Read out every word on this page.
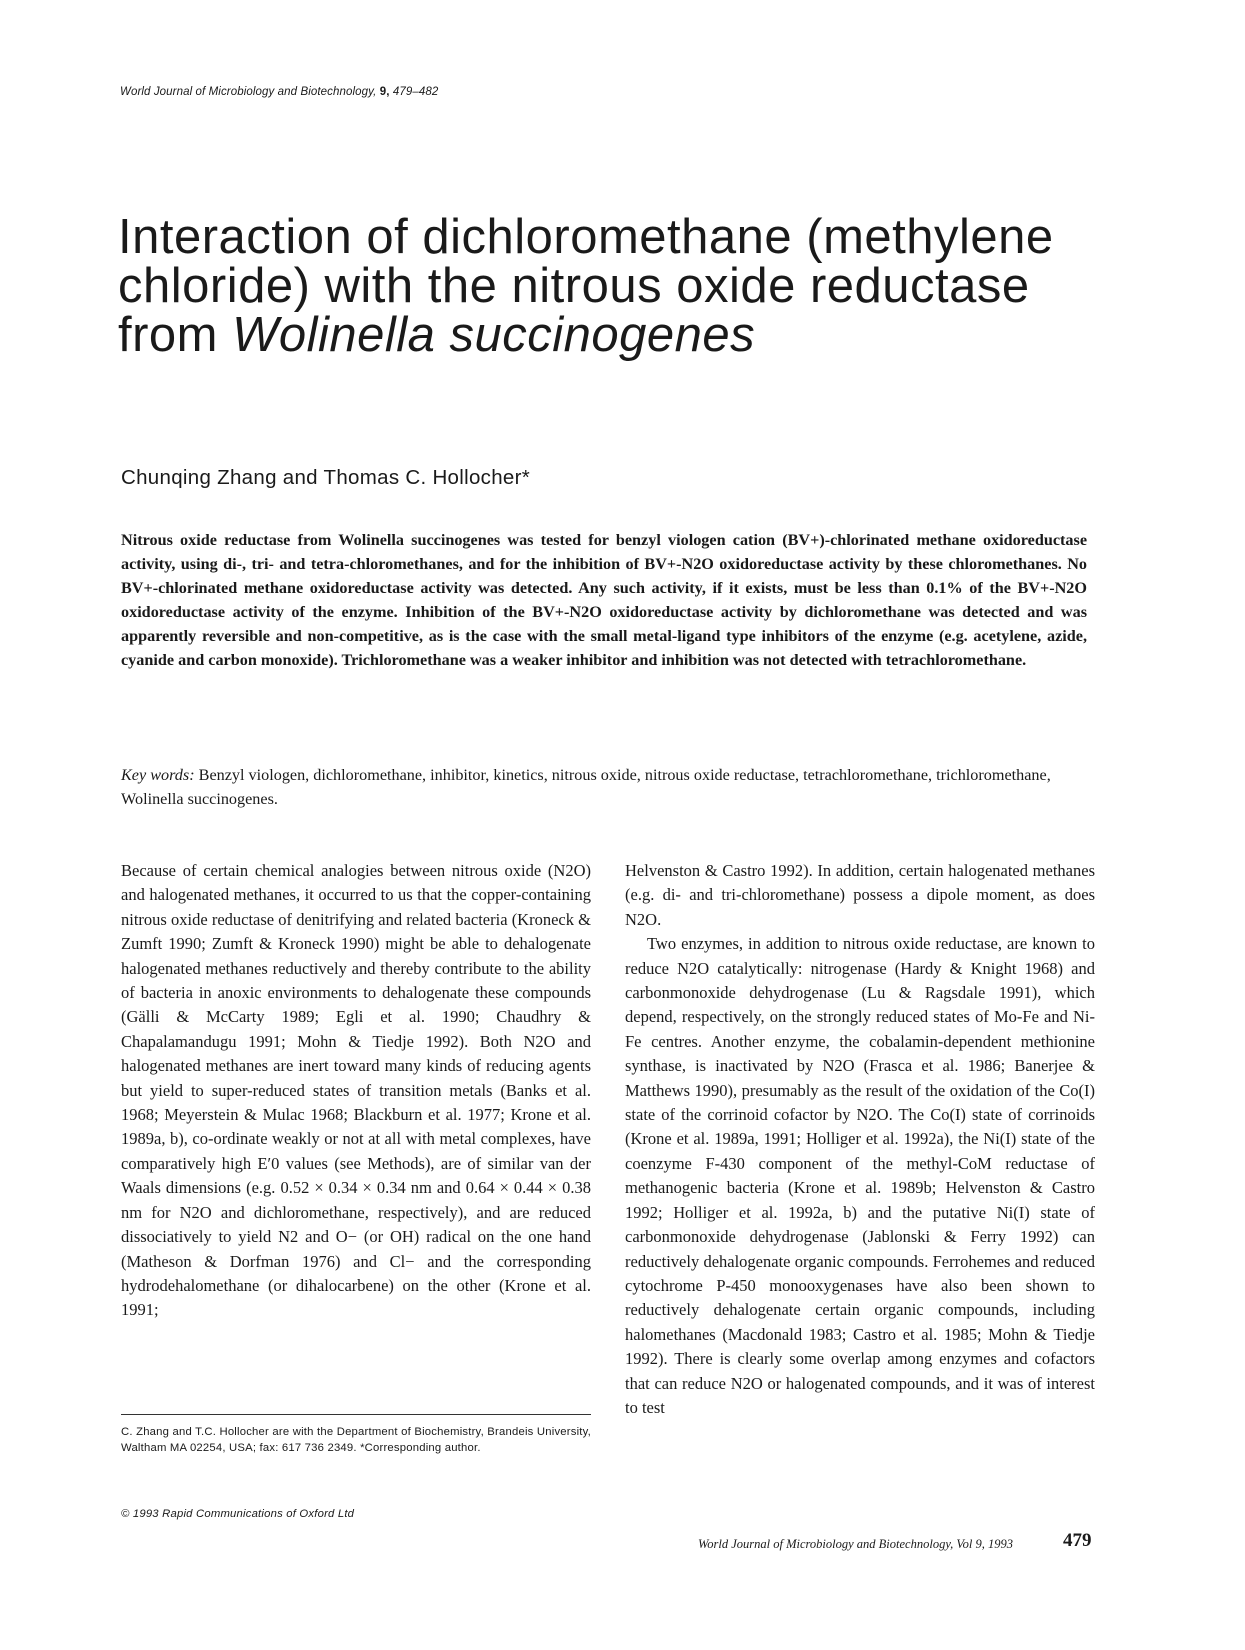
World Journal of Microbiology and Biotechnology, 9, 479–482
Interaction of dichloromethane (methylene
chloride) with the nitrous oxide reductase
from Wolinella succinogenes
Chunqing Zhang and Thomas C. Hollocher*

Nitrous oxide reductase from Wolinella succinogenes was tested for benzyl viologen cation (BV+)-chlorinated methane oxidoreductase activity, using di-, tri- and tetra-chloromethanes, and for the inhibition of BV+-N2O oxidoreductase activity by these chloromethanes. No BV+-chlorinated methane oxidoreductase activity was detected. Any such activity, if it exists, must be less than 0.1% of the BV+-N2O oxidoreductase activity of the enzyme. Inhibition of the BV+-N2O oxidoreductase activity by dichloromethane was detected and was apparently reversible and non-competitive, as is the case with the small metal-ligand type inhibitors of the enzyme (e.g. acetylene, azide, cyanide and carbon monoxide). Trichloromethane was a weaker inhibitor and inhibition was not detected with tetrachloromethane.

Key words: Benzyl viologen, dichloromethane, inhibitor, kinetics, nitrous oxide, nitrous oxide reductase, tetrachloromethane, trichloromethane, Wolinella succinogenes.

Because of certain chemical analogies between nitrous oxide (N2O) and halogenated methanes, it occurred to us that the copper-containing nitrous oxide reductase of denitrifying and related bacteria (Kroneck & Zumft 1990; Zumft & Kroneck 1990) might be able to dehalogenate halogenated methanes reductively and thereby contribute to the ability of bacteria in anoxic environments to dehalogenate these compounds (Gälli & McCarty 1989; Egli et al. 1990; Chaudhry & Chapalamandugu 1991; Mohn & Tiedje 1992). Both N2O and halogenated methanes are inert toward many kinds of reducing agents but yield to super-reduced states of transition metals (Banks et al. 1968; Meyerstein & Mulac 1968; Blackburn et al. 1977; Krone et al. 1989a, b), co-ordinate weakly or not at all with metal complexes, have comparatively high E′0 values (see Methods), are of similar van der Waals dimensions (e.g. 0.52 × 0.34 × 0.34 nm and 0.64 × 0.44 × 0.38 nm for N2O and dichloromethane, respectively), and are reduced dissociatively to yield N2 and O− (or OH) radical on the one hand (Matheson & Dorfman 1976) and Cl− and the corresponding hydrodehalomethane (or dihalocarbene) on the other (Krone et al. 1991;

Helvenston & Castro 1992). In addition, certain halogenated methanes (e.g. di- and tri-chloromethane) possess a dipole moment, as does N2O.

Two enzymes, in addition to nitrous oxide reductase, are known to reduce N2O catalytically: nitrogenase (Hardy & Knight 1968) and carbonmonoxide dehydrogenase (Lu & Ragsdale 1991), which depend, respectively, on the strongly reduced states of Mo-Fe and Ni-Fe centres. Another enzyme, the cobalamin-dependent methionine synthase, is inactivated by N2O (Frasca et al. 1986; Banerjee & Matthews 1990), presumably as the result of the oxidation of the Co(I) state of the corrinoid cofactor by N2O. The Co(I) state of corrinoids (Krone et al. 1989a, 1991; Holliger et al. 1992a), the Ni(I) state of the coenzyme F-430 component of the methyl-CoM reductase of methanogenic bacteria (Krone et al. 1989b; Helvenston & Castro 1992; Holliger et al. 1992a, b) and the putative Ni(I) state of carbonmonoxide dehydrogenase (Jablonski & Ferry 1992) can reductively dehalogenate organic compounds. Ferrohemes and reduced cytochrome P-450 monooxygenases have also been shown to reductively dehalogenate certain organic compounds, including halomethanes (Macdonald 1983; Castro et al. 1985; Mohn & Tiedje 1992). There is clearly some overlap among enzymes and cofactors that can reduce N2O or halogenated compounds, and it was of interest to test

C. Zhang and T.C. Hollocher are with the Department of Biochemistry, Brandeis University, Waltham MA 02254, USA; fax: 617 736 2349. *Corresponding author.

© 1993 Rapid Communications of Oxford Ltd
World Journal of Microbiology and Biotechnology, Vol 9, 1993	479
